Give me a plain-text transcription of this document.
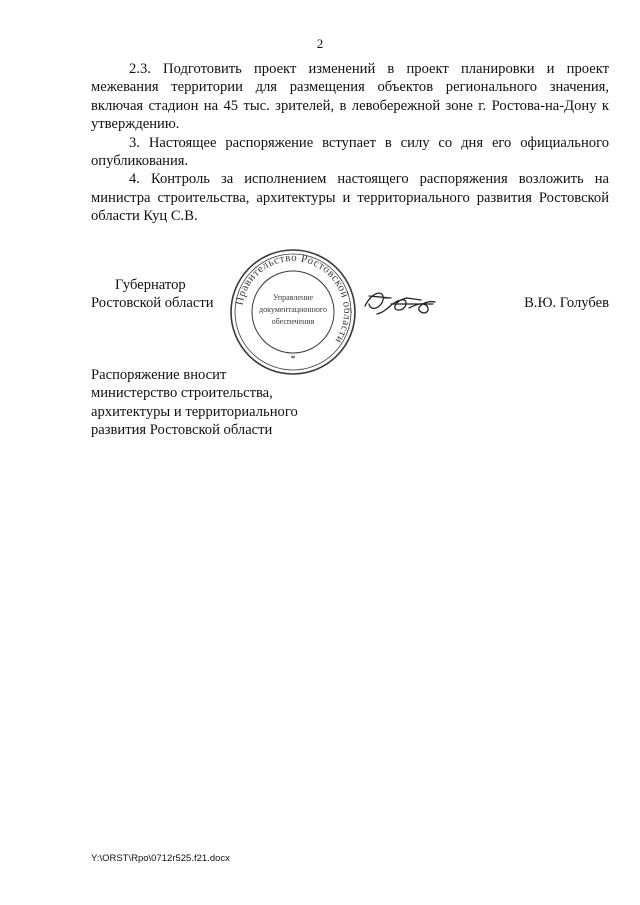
2

2.3. Подготовить проект изменений в проект планировки и проект межевания территории для размещения объектов регионального значения, включая стадион на 45 тыс. зрителей, в левобережной зоне г. Ростова-на-Дону к утверждению.

3. Настоящее распоряжение вступает в силу со дня его официального опубликования.

4. Контроль за исполнением настоящего распоряжения возложить на министра строительства, архитектуры и территориального развития Ростовской области Куц С.В.

Губернатор
Ростовской области Правительство Ростовской области
Управление
документационного
обеспечения
*
В.Ю. Голубев
Распоряжение вносит
министерство строительства,
архитектуры и территориального
развития Ростовской области
Y:\ORST\Rpo\0712r525.f21.docx
